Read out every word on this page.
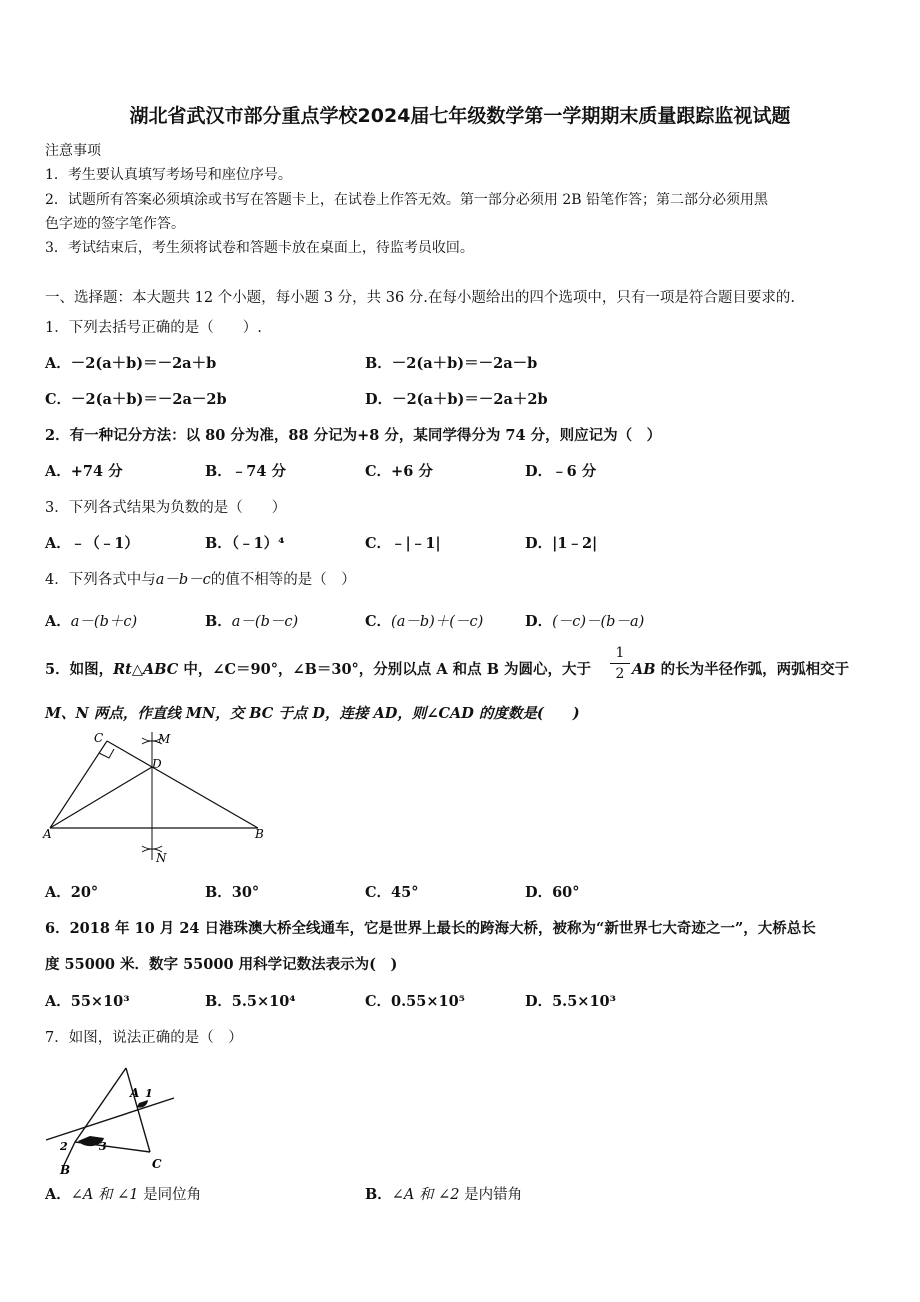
湖北省武汉市部分重点学校2024届七年级数学第一学期期末质量跟踪监视试题
注意事项
1．考生要认真填写考场号和座位序号。
2．试题所有答案必须填涂或书写在答题卡上，在试卷上作答无效。第一部分必须用 2B 铅笔作答；第二部分必须用黑
色字迹的签字笔作答。
3．考试结束后，考生须将试卷和答题卡放在桌面上，待监考员收回。
一、选择题：本大题共 12 个小题，每小题 3 分，共 36 分.在每小题给出的四个选项中，只有一项是符合题目要求的.
1．下列去括号正确的是（　　）.
A．－2(a＋b)＝－2a＋b	B．－2(a＋b)＝－2a－b
C．－2(a＋b)＝－2a－2b	D．－2(a＋b)＝－2a＋2b
2．有一种记分方法：以 80 分为准，88 分记为+8 分，某同学得分为 74 分，则应记为（　）
A．+74 分	B．﹣74 分	C．+6 分	D．﹣6 分
3．下列各式结果为负数的是（　　）
A．﹣（﹣1）	B．（﹣1）⁴	C．﹣|﹣1|	D．|1﹣2|
4．下列各式中与a－b－c的值不相等的是（　）
A．a－(b＋c)	B．a－(b－c)	C．(a－b)＋(－c)	D．(－c)－(b－a)
5．如图，Rt△ABC 中，∠C＝90°，∠B＝30°，分别以点 A 和点 B 为圆心，大于
1
2 AB 的长为半径作弧，两弧相交于
M、N 两点，作直线 MN，交 BC 于点 D，连接 AD，则∠CAD 的度数是(　　)
C	M
D
A	B
N
A．20°	B．30°	C．45°	D．60°
6．2018 年 10 月 24 日港珠澳大桥全线通车，它是世界上最长的跨海大桥，被称为“新世界七大奇迹之一”，大桥总长
度 55000 米．数字 55000 用科学记数法表示为(　)
A．55×10³	B．5.5×10⁴	C．0.55×10⁵	D．5.5×10³
7．如图，说法正确的是（　）
A 1
2	3
B	C
A．∠A 和 ∠1 是同位角	B．∠A 和 ∠2 是内错角
